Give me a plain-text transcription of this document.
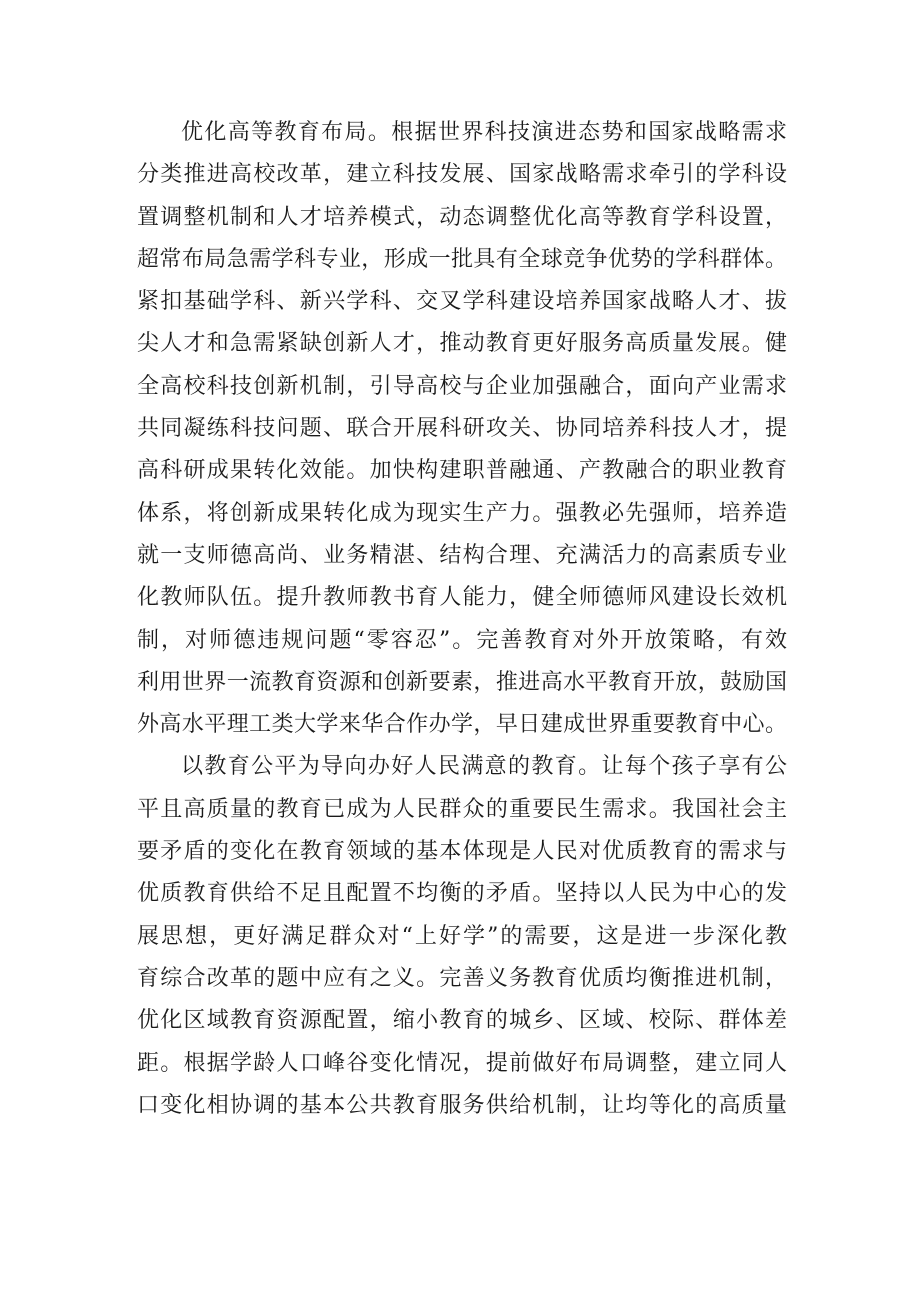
优化高等教育布局。根据世界科技演进态势和国家战略需求
分类推进高校改革，建立科技发展、国家战略需求牵引的学科设
置调整机制和人才培养模式，动态调整优化高等教育学科设置，
超常布局急需学科专业，形成一批具有全球竞争优势的学科群体。
紧扣基础学科、新兴学科、交叉学科建设培养国家战略人才、拔
尖人才和急需紧缺创新人才，推动教育更好服务高质量发展。健
全高校科技创新机制，引导高校与企业加强融合，面向产业需求
共同凝练科技问题、联合开展科研攻关、协同培养科技人才，提
高科研成果转化效能。加快构建职普融通、产教融合的职业教育
体系，将创新成果转化成为现实生产力。强教必先强师，培养造
就一支师德高尚、业务精湛、结构合理、充满活力的高素质专业
化教师队伍。提升教师教书育人能力，健全师德师风建设长效机
制，对师德违规问题“零容忍”。完善教育对外开放策略，有效
利用世界一流教育资源和创新要素，推进高水平教育开放，鼓励国
外高水平理工类大学来华合作办学，早日建成世界重要教育中心。
以教育公平为导向办好人民满意的教育。让每个孩子享有公
平且高质量的教育已成为人民群众的重要民生需求。我国社会主
要矛盾的变化在教育领域的基本体现是人民对优质教育的需求与
优质教育供给不足且配置不均衡的矛盾。坚持以人民为中心的发
展思想，更好满足群众对“上好学”的需要，这是进一步深化教
育综合改革的题中应有之义。完善义务教育优质均衡推进机制，
优化区域教育资源配置，缩小教育的城乡、区域、校际、群体差
距。根据学龄人口峰谷变化情况，提前做好布局调整，建立同人
口变化相协调的基本公共教育服务供给机制，让均等化的高质量
